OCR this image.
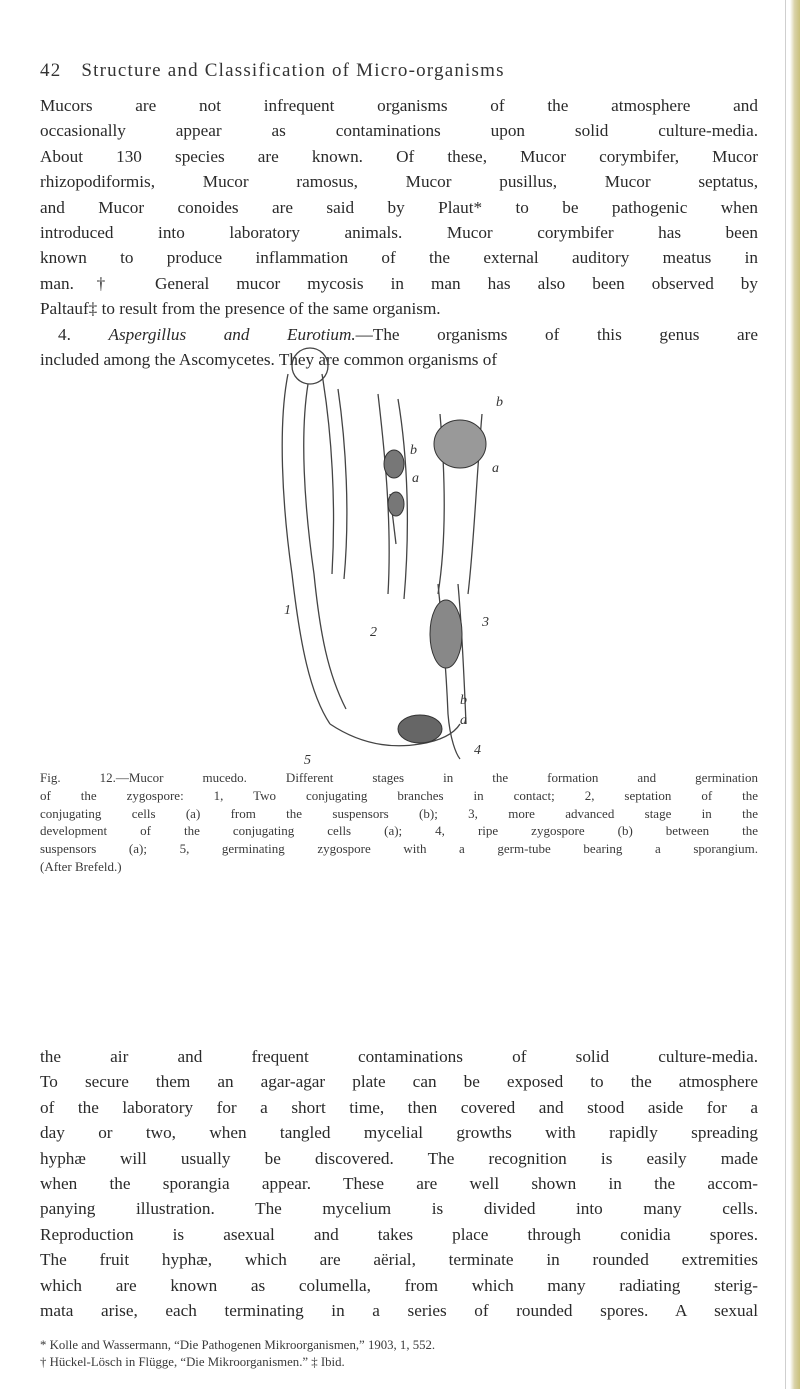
42 Structure and Classification of Micro-organisms
Mucors are not infrequent organisms of the atmosphere and
occasionally appear as contaminations upon solid culture-media.
About 130 species are known. Of these, Mucor corymbifer, Mucor
rhizopodiformis, Mucor ramosus, Mucor pusillus, Mucor septatus,
and Mucor conoides are said by Plaut* to be pathogenic when
introduced into laboratory animals. Mucor corymbifer has been
known to produce inflammation of the external auditory meatus in
man.† General mucor mycosis in man has also been observed by
Paltauf‡ to result from the presence of the same organism.
4. Aspergillus and Eurotium.—The organisms of this genus are
included among the Ascomycetes. They are common organisms of
1
2
3
4
5
a
b
b
a
a
b
Fig. 12.—Mucor mucedo. Different stages in the formation and germination
of the zygospore: 1, Two conjugating branches in contact; 2, septation of the
conjugating cells (a) from the suspensors (b); 3, more advanced stage in the
development of the conjugating cells (a); 4, ripe zygospore (b) between the
suspensors (a); 5, germinating zygospore with a germ-tube bearing a sporangium.
(After Brefeld.)
the air and frequent contaminations of solid culture-media.
To secure them an agar-agar plate can be exposed to the atmosphere
of the laboratory for a short time, then covered and stood aside for a
day or two, when tangled mycelial growths with rapidly spreading
hyphæ will usually be discovered. The recognition is easily made
when the sporangia appear. These are well shown in the accom-
panying illustration. The mycelium is divided into many cells.
Reproduction is asexual and takes place through conidia spores.
The fruit hyphæ, which are aërial, terminate in rounded extremities
which are known as columella, from which many radiating sterig-
mata arise, each terminating in a series of rounded spores. A sexual
* Kolle and Wassermann, “Die Pathogenen Mikroorganismen,” 1903, 1, 552.
† Hückel-Lösch in Flügge, “Die Mikroorganismen.” ‡ Ibid.
